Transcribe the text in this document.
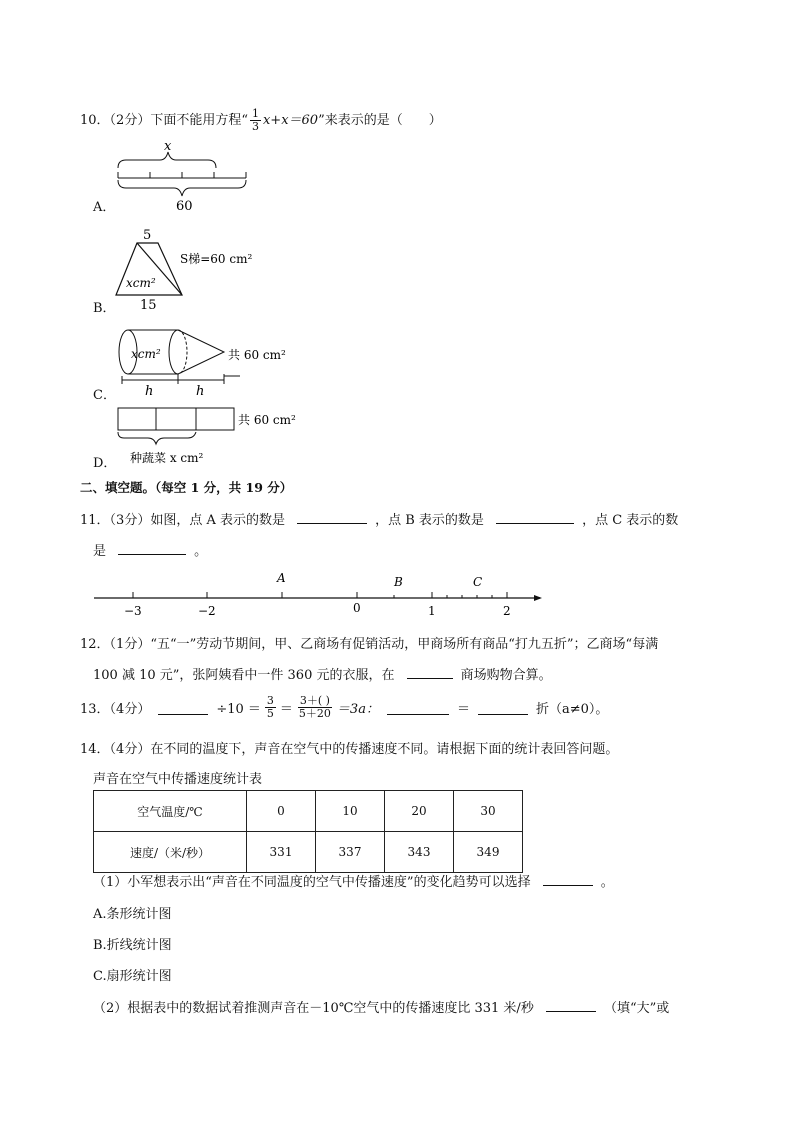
10．（2分）下面不能用方程“ $\frac{1}{3} x+x=60$”来表示的是（　　）
A．
x
60
B．
5
xcm²
15
S梯=60 cm²
C．
xcm²	共 60 cm²
h	h
D．
共 60 cm²
种蔬菜 x cm²
二、填空题。（每空 1 分，共 19 分）
11．（3分）如图，点 A 表示的数是	，点 B 表示的数是	，点 C 表示的数
是	。
−3	−2	0	1	2
A	B	C
12．（1分）“五“一”劳动节期间，甲、乙商场有促销活动，甲商场所有商品“打九五折”；乙商场“每满
100 减 10 元”，张阿姨看中一件 360 元的衣服，在	商场购物合算。
13．（4分）	$\div 10 = \frac{3}{5} = \frac{3+( )}{5+20} =3a$：	＝	折（a≠0）。
14．（4分）在不同的温度下，声音在空气中的传播速度不同。请根据下面的统计表回答问题。
声音在空气中传播速度统计表
空气温度/℃	0	10	20	30
速度/（米/秒）	331	337	343	349
（1）小军想表示出“声音在不同温度的空气中传播速度”的变化趋势可以选择	。
A.条形统计图
B.折线统计图
C.扇形统计图
（2）根据表中的数据试着推测声音在－10℃空气中的传播速度比 331 米/秒	（填“大”或
